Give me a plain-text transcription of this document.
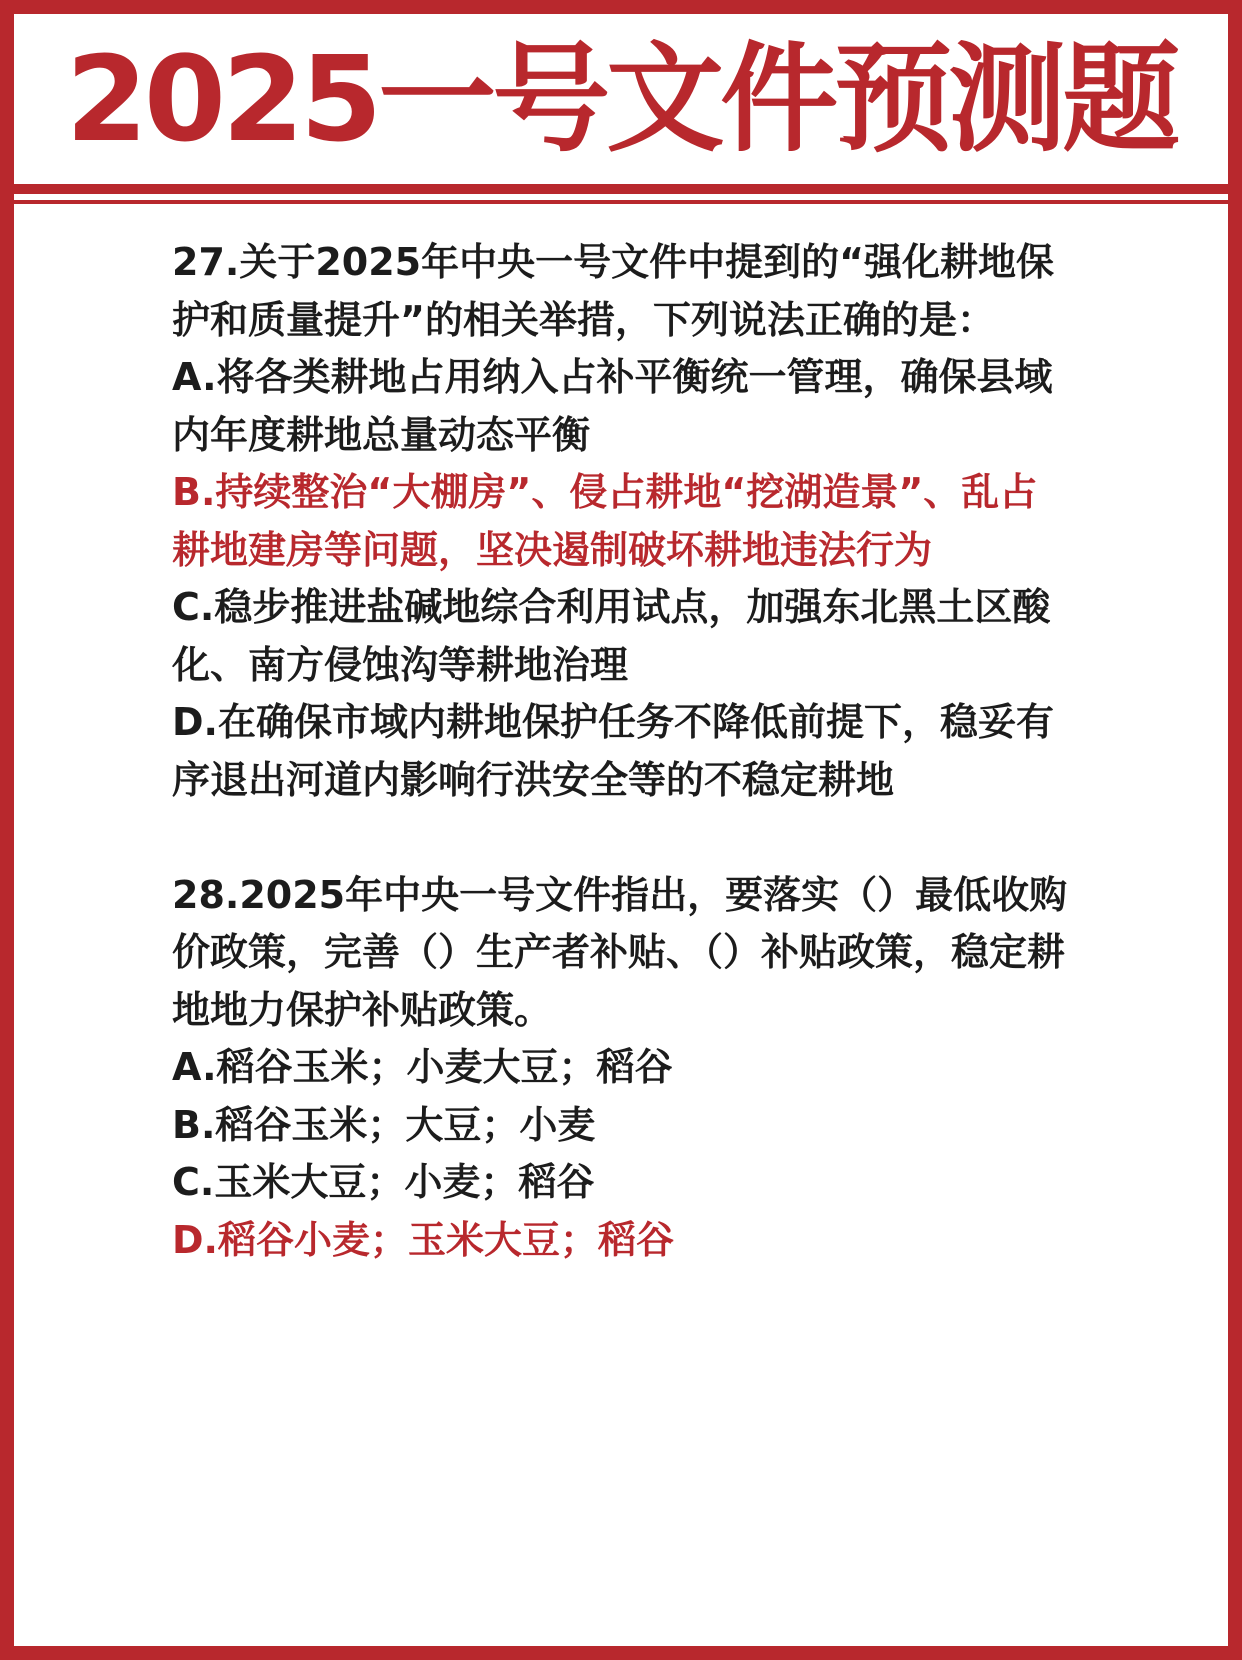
2025一号文件预测题

27.关于2025年中央一号文件中提到的“强化耕地保护和质量提升”的相关举措，下列说法正确的是：

A.将各类耕地占用纳入占补平衡统一管理，确保县域内年度耕地总量动态平衡

B.持续整治“大棚房”、侵占耕地“挖湖造景”、乱占耕地建房等问题，坚决遏制破坏耕地违法行为

C.稳步推进盐碱地综合利用试点，加强东北黑土区酸化、南方侵蚀沟等耕地治理

D.在确保市域内耕地保护任务不降低前提下，稳妥有序退出河道内影响行洪安全等的不稳定耕地

28.2025年中央一号文件指出，要落实（）最低收购价政策，完善（）生产者补贴、（）补贴政策，稳定耕地地力保护补贴政策。

A.稻谷玉米；小麦大豆；稻谷

B.稻谷玉米；大豆；小麦

C.玉米大豆；小麦；稻谷

D.稻谷小麦；玉米大豆；稻谷
